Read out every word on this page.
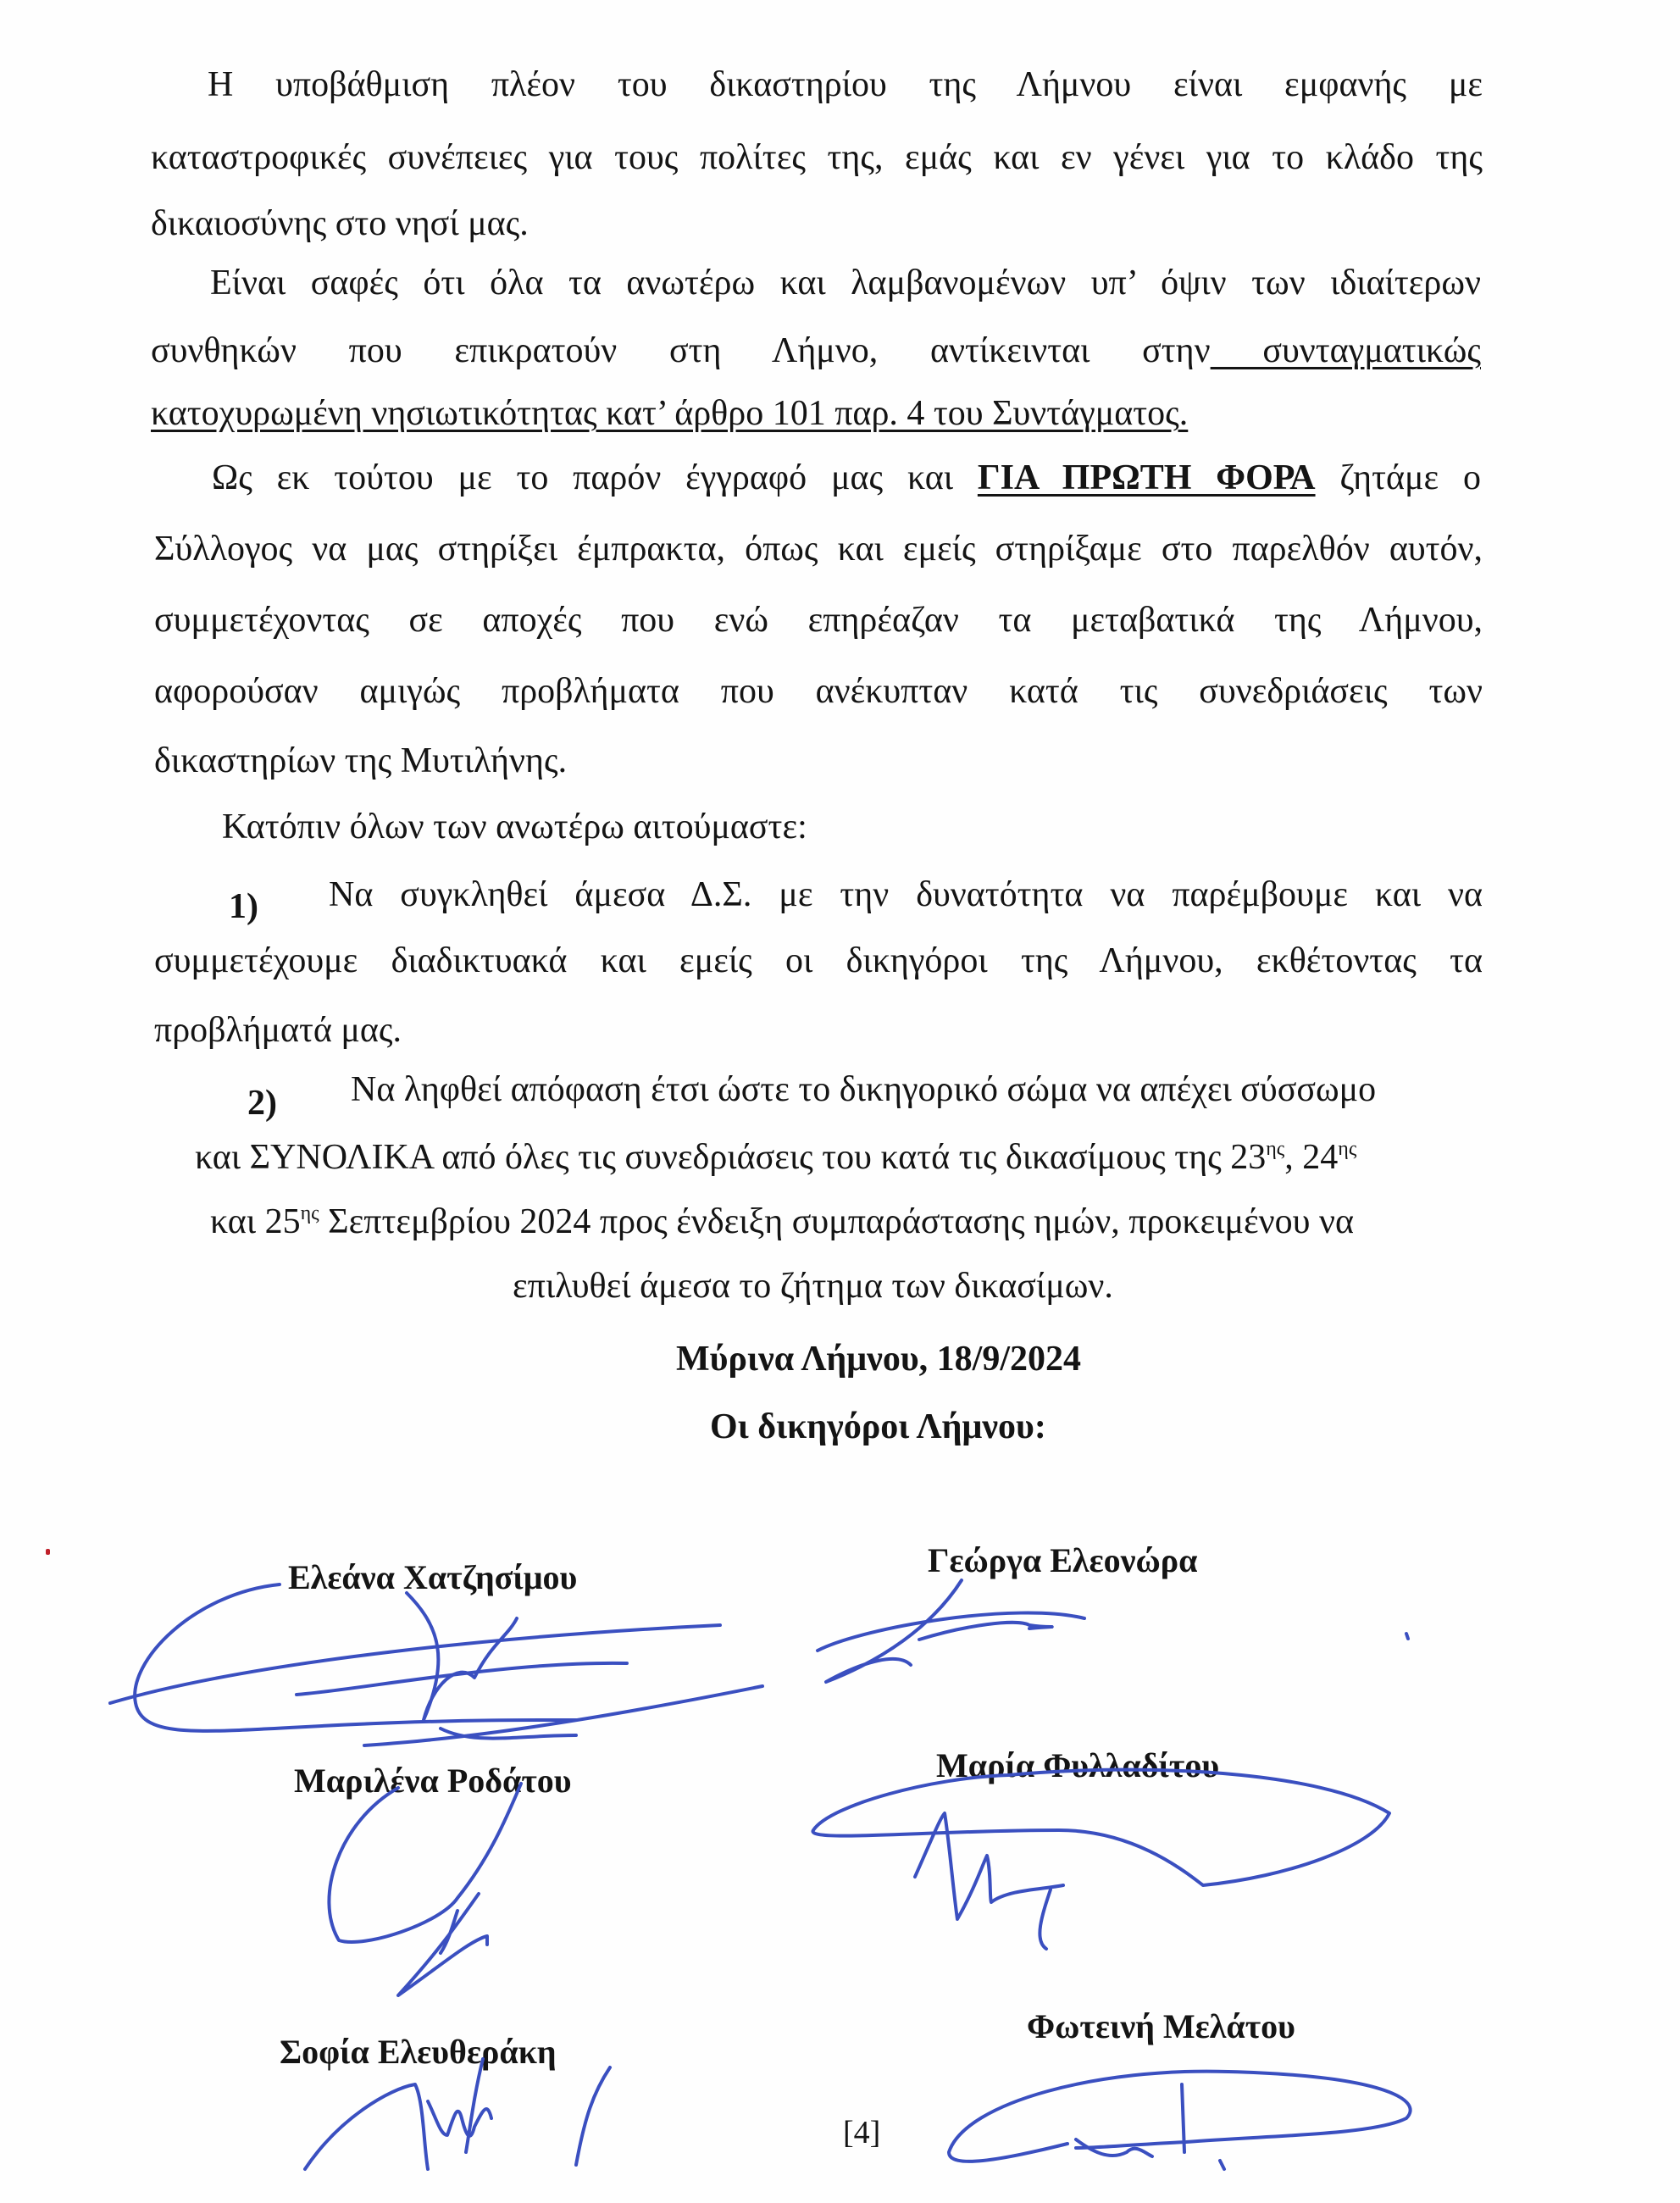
Η υποβάθμιση πλέον του δικαστηρίου της Λήμνου είναι εμφανής με
καταστροφικές συνέπειες για τους πολίτες της, εμάς και εν γένει για το κλάδο της
δικαιοσύνης στο νησί μας.
Είναι σαφές ότι όλα τα ανωτέρω και λαμβανομένων υπ’ όψιν των ιδιαίτερων
συνθηκών που επικρατούν στη Λήμνο, αντίκεινται στην συνταγματικώς
κατοχυρωμένη νησιωτικότητας κατ’ άρθρο 101 παρ. 4 του Συντάγματος.
Ως εκ τούτου με το παρόν έγγραφό μας και ΓΙΑ ΠΡΩΤΗ ΦΟΡΑ ζητάμε ο
Σύλλογος να μας στηρίξει έμπρακτα, όπως και εμείς στηρίξαμε στο παρελθόν αυτόν,
συμμετέχοντας σε αποχές που ενώ επηρέαζαν τα μεταβατικά της Λήμνου,
αφορούσαν αμιγώς προβλήματα που ανέκυπταν κατά τις συνεδριάσεις των
δικαστηρίων της Μυτιλήνης.
Κατόπιν όλων των ανωτέρω αιτούμαστε:
1) Να συγκληθεί άμεσα Δ.Σ. με την δυνατότητα να παρέμβουμε και να
συμμετέχουμε διαδικτυακά και εμείς οι δικηγόροι της Λήμνου, εκθέτοντας τα
προβλήματά μας.
2) Να ληφθεί απόφαση έτσι ώστε το δικηγορικό σώμα να απέχει σύσσωμο
και ΣΥΝΟΛΙΚΑ από όλες τις συνεδριάσεις του κατά τις δικασίμους της $23^{\eta\varsigma}$, $24^{\eta\varsigma}$
και $25^{\eta\varsigma}$ Σεπτεμβρίου 2024 προς ένδειξη συμπαράστασης ημών, προκειμένου να
επιλυθεί άμεσα το ζήτημα των δικασίμων.
Μύρινα Λήμνου, 18/9/2024
Οι δικηγόροι Λήμνου:
Ελεάνα Χατζησίμου	Γεώργα Ελεονώρα
Μαριλένα Ροδάτου	Μαρία Φυλλαδίτου
Σοφία Ελευθεράκη
Φωτεινή Μελάτου
[4]
